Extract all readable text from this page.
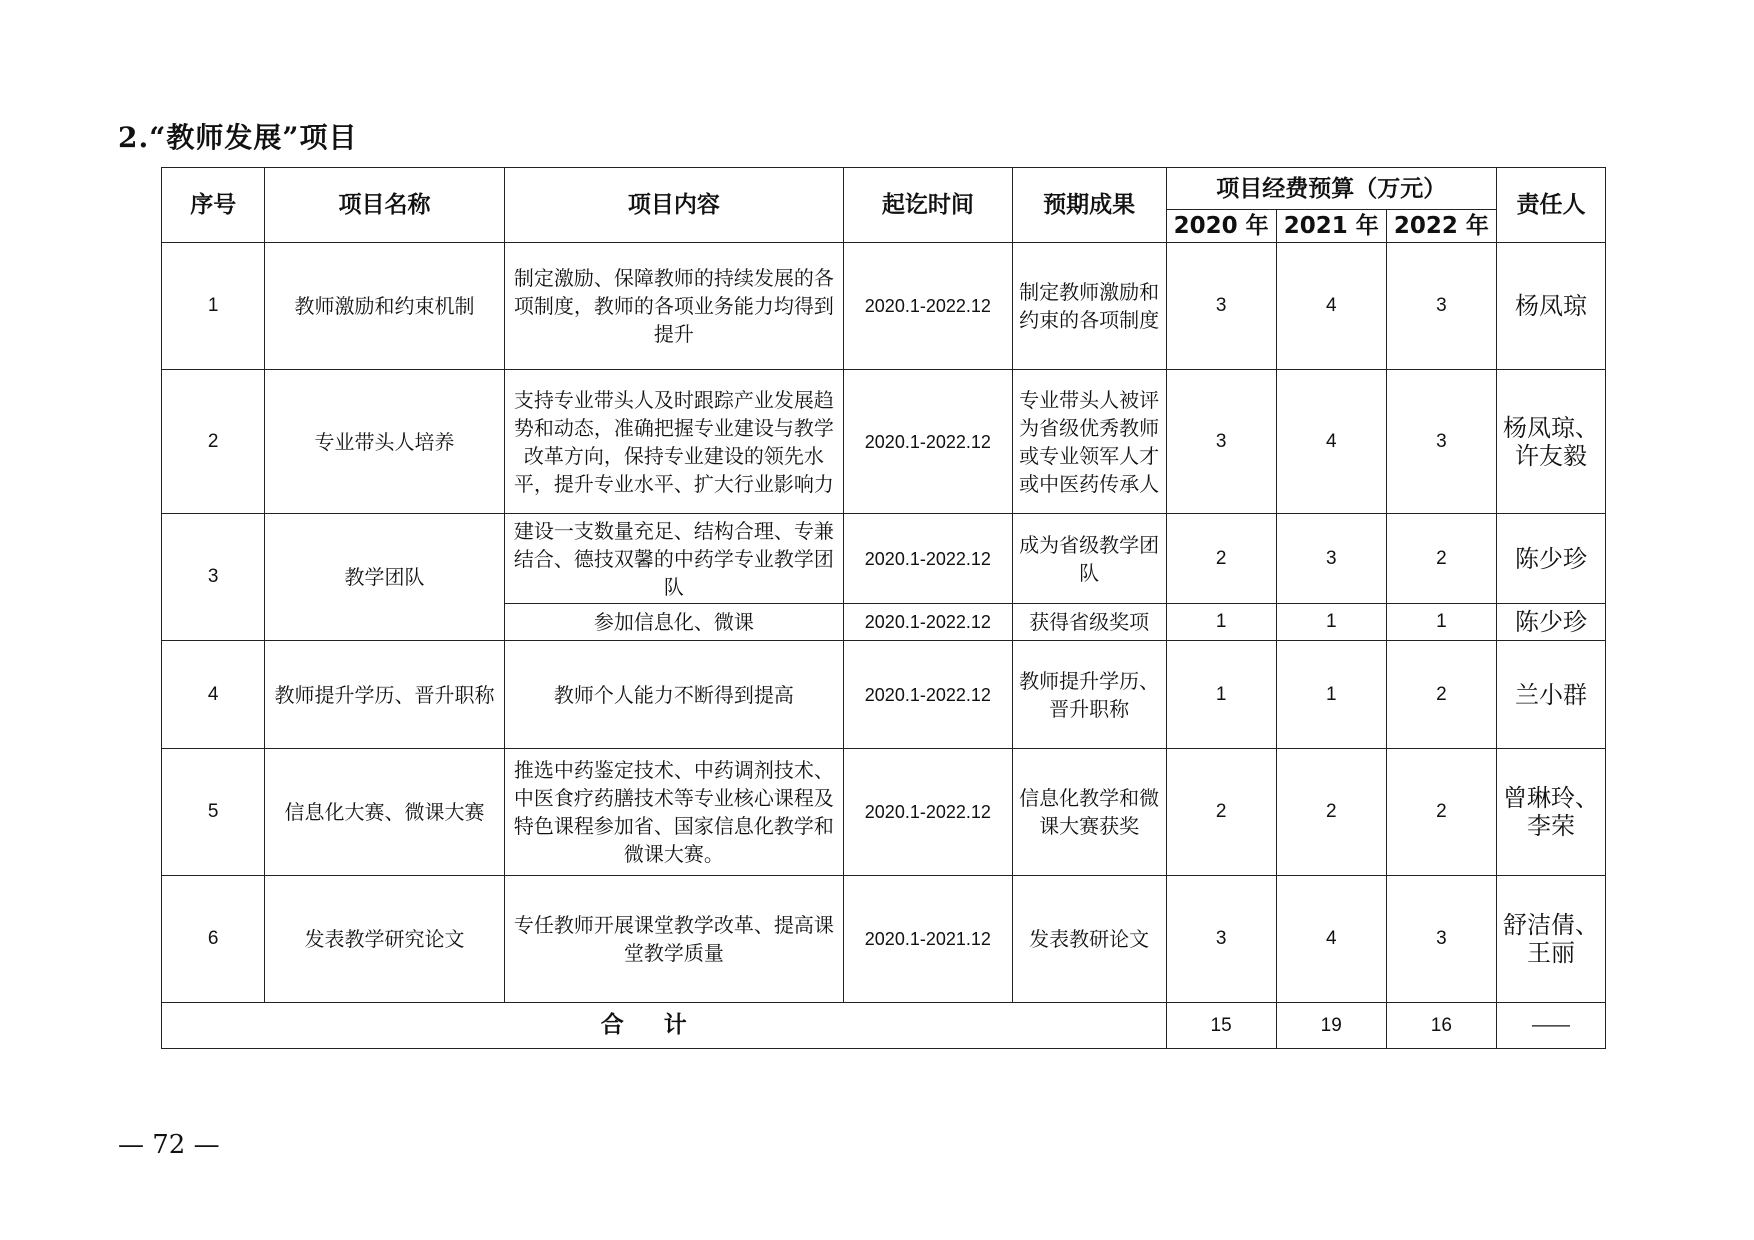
2.“教师发展”项目
序号	项目名称	项目内容	起讫时间	预期成果	项目经费预算（万元）			责任人
					2020 年	2021 年	2022 年	
1	教师激励和约束机制	制定激励、保障教师的持续发展的各项制度，教师的各项业务能力均得到提升	2020.1-2022.12	制定教师激励和约束的各项制度	3	4	3	杨凤琼
2	专业带头人培养	支持专业带头人及时跟踪产业发展趋势和动态，准确把握专业建设与教学改革方向，保持专业建设的领先水平，提升专业水平、扩大行业影响力	2020.1-2022.12	专业带头人被评为省级优秀教师或专业领军人才或中医药传承人	3	4	3	杨凤琼、许友毅
3	教学团队	建设一支数量充足、结构合理、专兼结合、德技双馨的中药学专业教学团队	2020.1-2022.12	成为省级教学团队	2	3	2	陈少珍
		参加信息化、微课	2020.1-2022.12	获得省级奖项	1	1	1	陈少珍
4	教师提升学历、晋升职称	教师个人能力不断得到提高	2020.1-2022.12	教师提升学历、晋升职称	1	1	2	兰小群
5	信息化大赛、微课大赛	推选中药鉴定技术、中药调剂技术、中医食疗药膳技术等专业核心课程及特色课程参加省、国家信息化教学和微课大赛。	2020.1-2022.12	信息化教学和微课大赛获奖	2	2	2	曾琳玲、李荣
6	发表教学研究论文	专任教师开展课堂教学改革、提高课堂教学质量	2020.1-2021.12	发表教研论文	3	4	3	舒洁倩、王丽
合计					15	19	16	——
— 72 —
